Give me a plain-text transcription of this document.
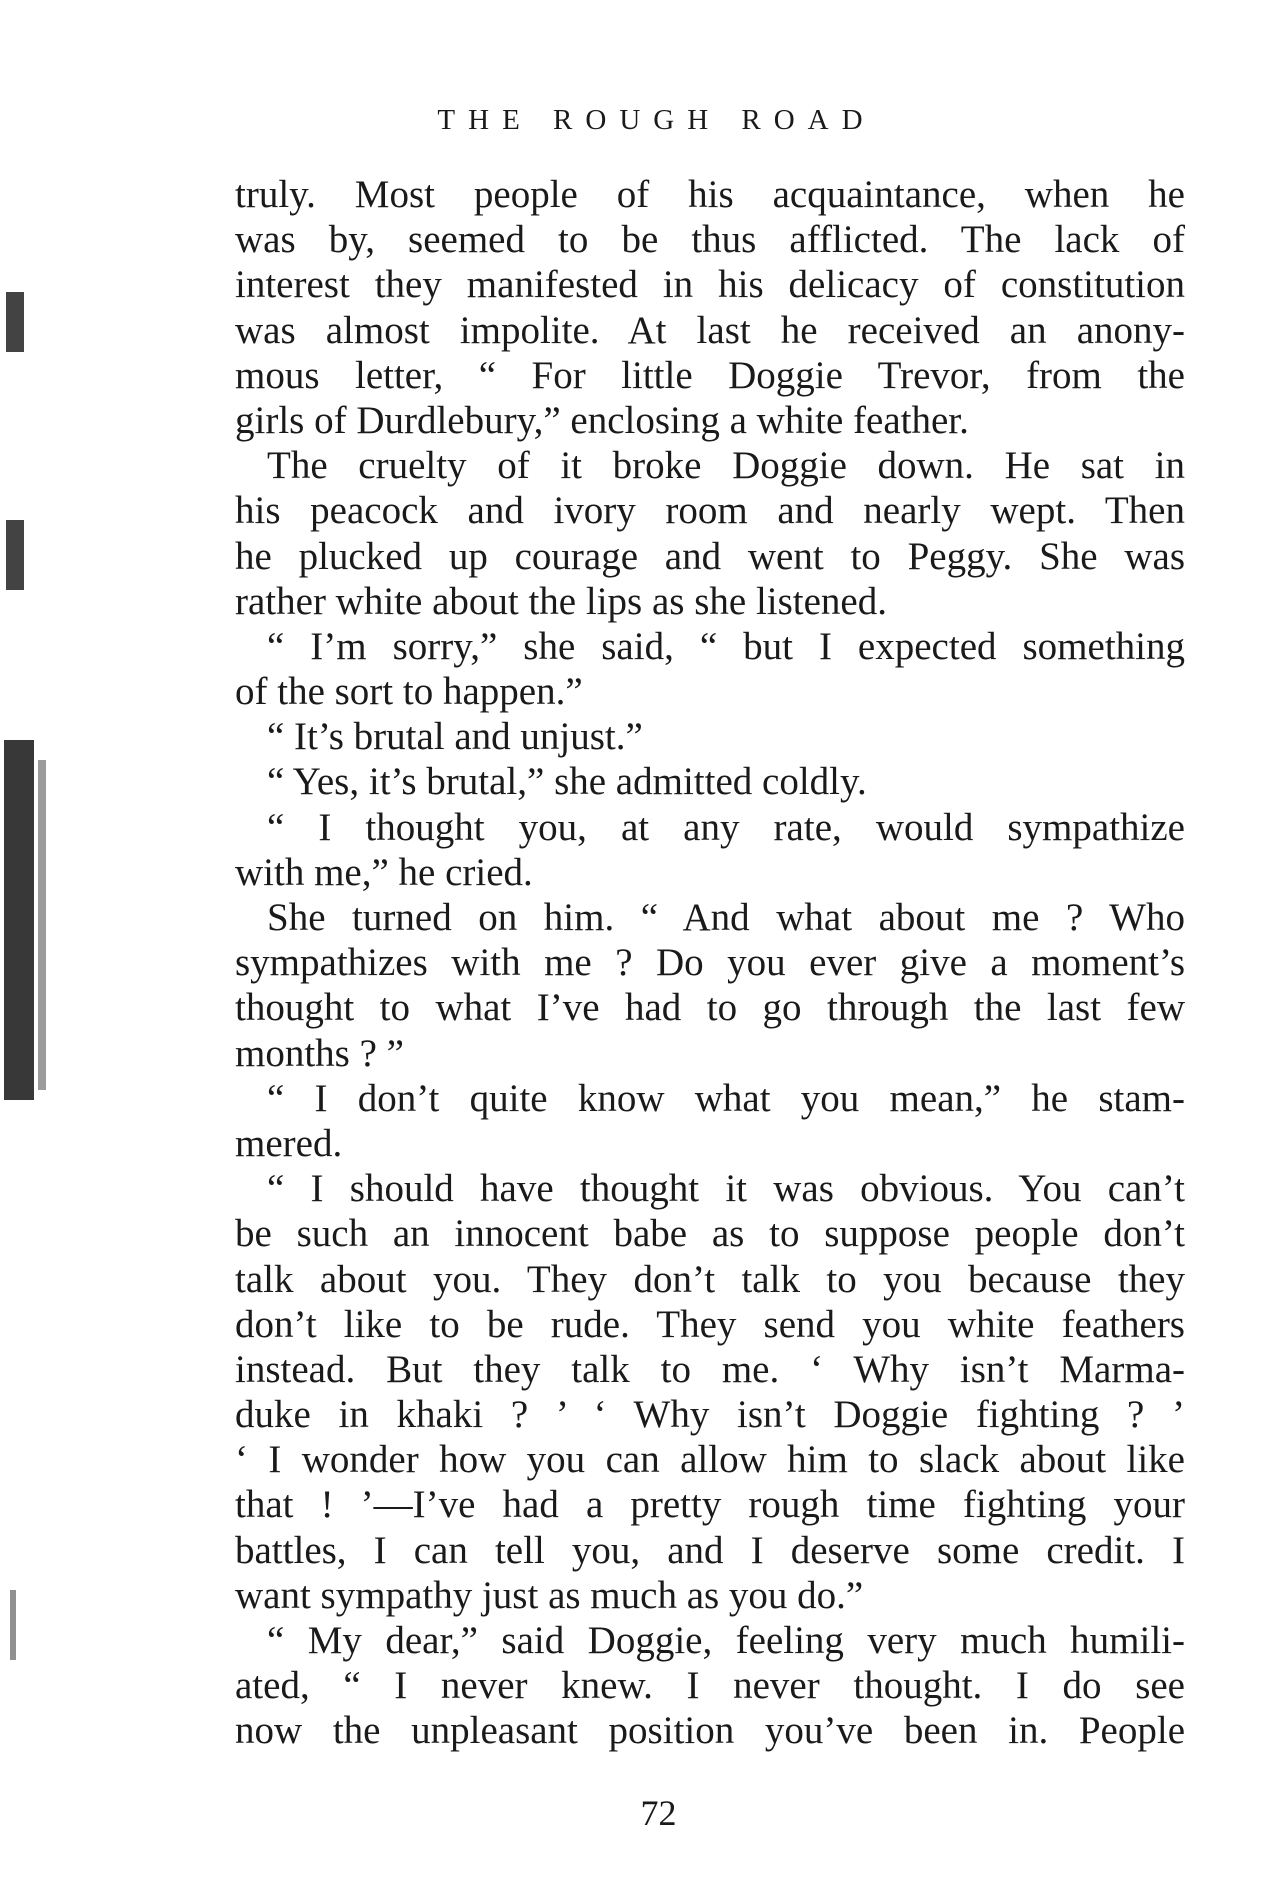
THE ROUGH ROAD
truly. Most people of his acquaintance, when he
was by, seemed to be thus afflicted. The lack of
interest they manifested in his delicacy of constitution
was almost impolite. At last he received an anony-
mous letter, “ For little Doggie Trevor, from the
girls of Durdlebury,” enclosing a white feather.
The cruelty of it broke Doggie down. He sat in
his peacock and ivory room and nearly wept. Then
he plucked up courage and went to Peggy. She was
rather white about the lips as she listened.
“ I’m sorry,” she said, “ but I expected something
of the sort to happen.”
“ It’s brutal and unjust.”
“ Yes, it’s brutal,” she admitted coldly.
“ I thought you, at any rate, would sympathize
with me,” he cried.
She turned on him. “ And what about me ? Who
sympathizes with me ? Do you ever give a moment’s
thought to what I’ve had to go through the last few
months ? ”
“ I don’t quite know what you mean,” he stam-
mered.
“ I should have thought it was obvious. You can’t
be such an innocent babe as to suppose people don’t
talk about you. They don’t talk to you because they
don’t like to be rude. They send you white feathers
instead. But they talk to me. ‘ Why isn’t Marma-
duke in khaki ? ’ ‘ Why isn’t Doggie fighting ? ’
‘ I wonder how you can allow him to slack about like
that ! ’—I’ve had a pretty rough time fighting your
battles, I can tell you, and I deserve some credit. I
want sympathy just as much as you do.”
“ My dear,” said Doggie, feeling very much humili-
ated, “ I never knew. I never thought. I do see
now the unpleasant position you’ve been in. People
72
